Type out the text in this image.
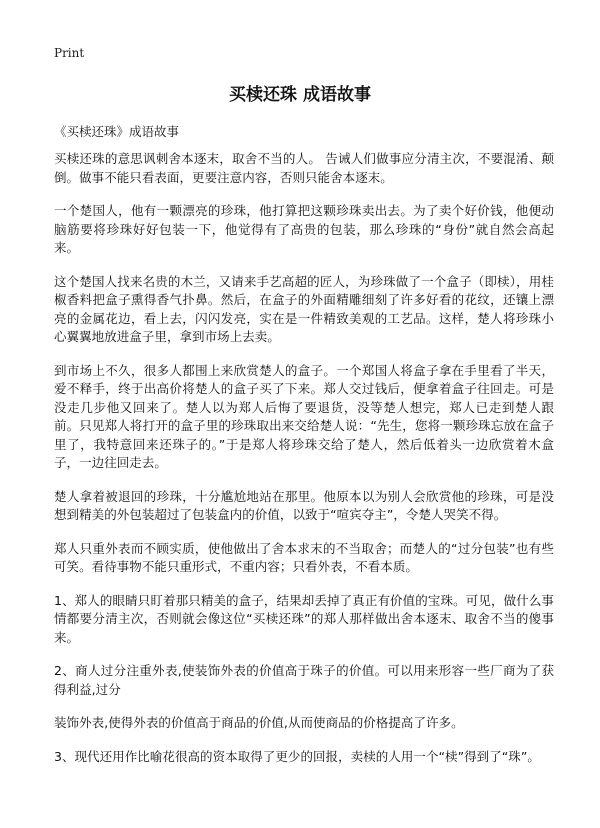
Print
买椟还珠 成语故事

《买椟还珠》成语故事

买椟还珠的意思讽刺舍本逐末，取舍不当的人。 告诫人们做事应分清主次，不要混淆、颠倒。做事不能只看表面，更要注意内容，否则只能舍本逐末。

一个楚国人，他有一颗漂亮的珍珠，他打算把这颗珍珠卖出去。为了卖个好价钱，他便动脑筋要将珍珠好好包装一下，他觉得有了高贵的包装，那么珍珠的“身份”就自然会高起来。

这个楚国人找来名贵的木兰，又请来手艺高超的匠人，为珍珠做了一个盒子（即椟），用桂椒香料把盒子熏得香气扑鼻。然后，在盒子的外面精雕细刻了许多好看的花纹，还镶上漂亮的金属花边，看上去，闪闪发亮，实在是一件精致美观的工艺品。这样，楚人将珍珠小心翼翼地放进盒子里，拿到市场上去卖。

到市场上不久，很多人都围上来欣赏楚人的盒子。一个郑国人将盒子拿在手里看了半天，爱不释手，终于出高价将楚人的盒子买了下来。郑人交过钱后，便拿着盒子往回走。可是没走几步他又回来了。楚人以为郑人后悔了要退货，没等楚人想完，郑人已走到楚人跟前。只见郑人将打开的盒子里的珍珠取出来交给楚人说：“先生，您将一颗珍珠忘放在盒子里了，我特意回来还珠子的。”于是郑人将珍珠交给了楚人，然后低着头一边欣赏着木盒子，一边往回走去。

楚人拿着被退回的珍珠，十分尴尬地站在那里。他原本以为别人会欣赏他的珍珠，可是没想到精美的外包装超过了包装盒内的价值，以致于“喧宾夺主”，令楚人哭笑不得。

郑人只重外表而不顾实质，使他做出了舍本求末的不当取舍；而楚人的“过分包装”也有些可笑。看待事物不能只重形式，不重内容；只看外表，不看本质。

1、郑人的眼睛只盯着那只精美的盒子，结果却丢掉了真正有价值的宝珠。可见，做什么事情都要分清主次，否则就会像这位“买椟还珠”的郑人那样做出舍本逐末、取舍不当的傻事来。

2、商人过分注重外表,使装饰外表的价值高于珠子的价值。可以用来形容一些厂商为了获得利益,过分

装饰外表,使得外表的价值高于商品的价值,从而使商品的价格提高了许多。

3、现代还用作比喻花很高的资本取得了更少的回报，卖椟的人用一个“椟”得到了“珠”。
